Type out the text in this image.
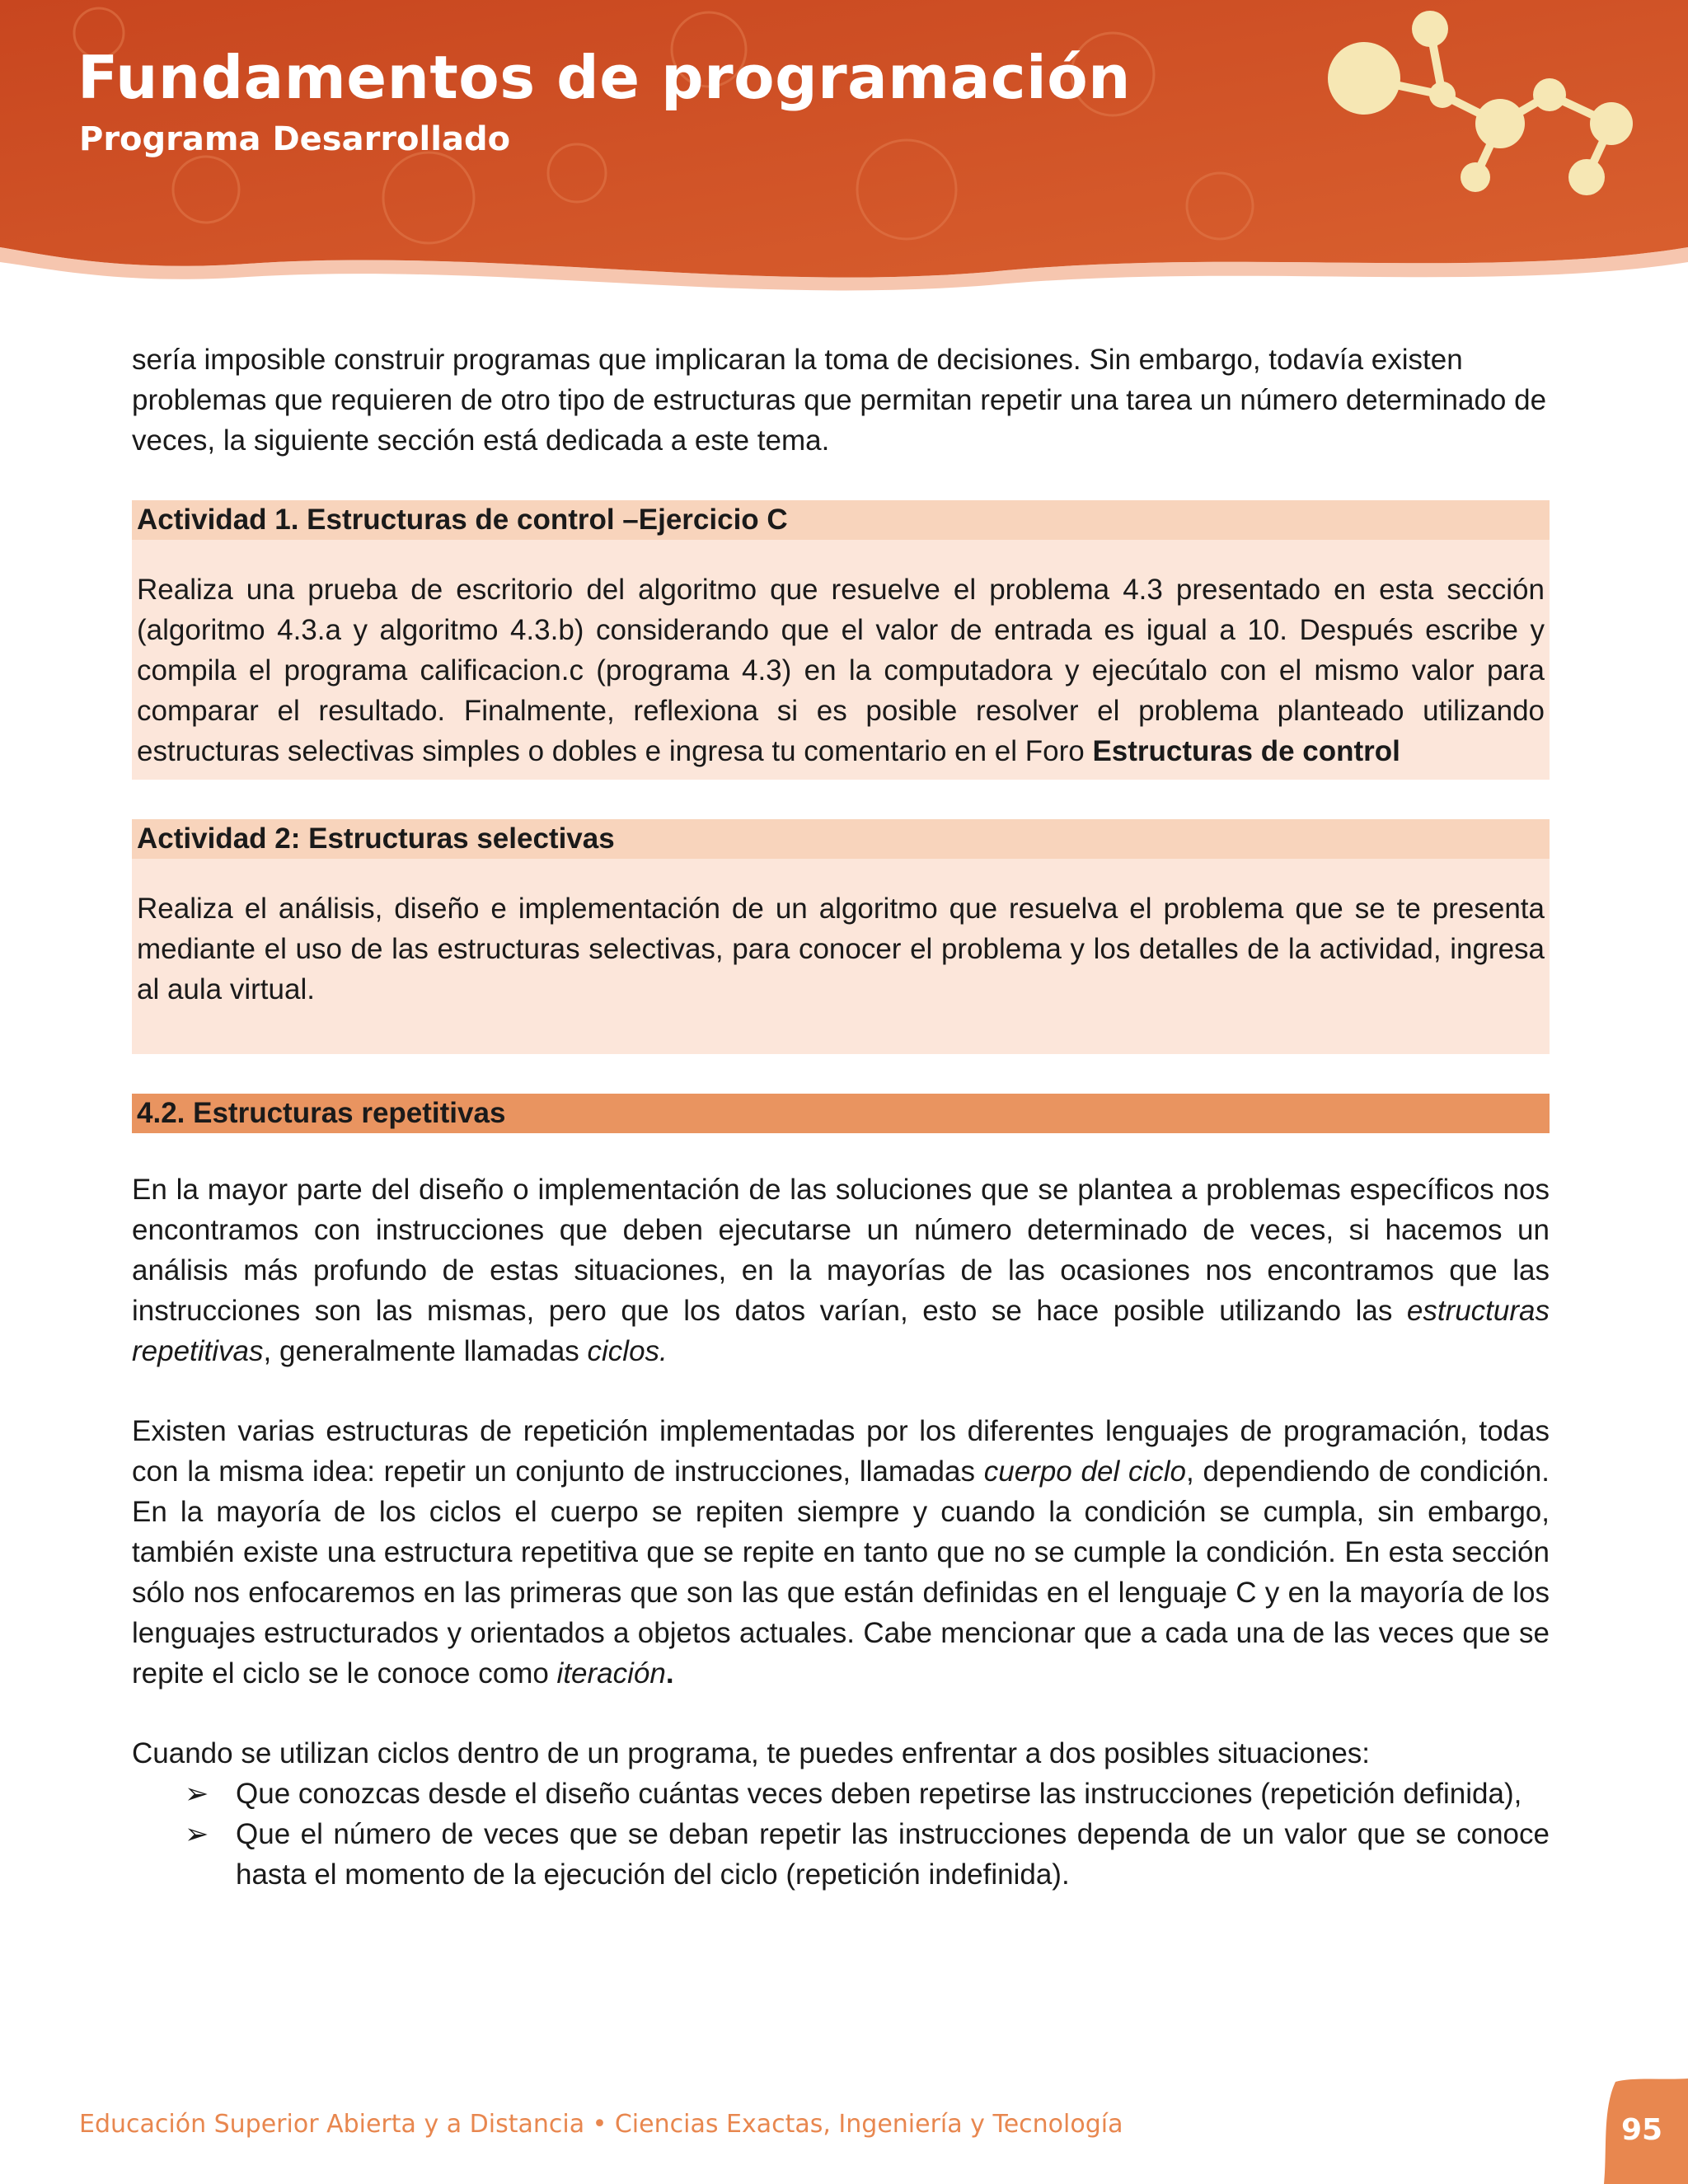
Fundamentos de programación
Programa Desarrollado

sería imposible construir programas que implicaran la toma de decisiones. Sin embargo, todavía existen problemas que requieren de otro tipo de estructuras que permitan repetir una tarea un número determinado de veces, la siguiente sección está dedicada a este tema.

Actividad 1. Estructuras de control –Ejercicio C
Realiza una prueba de escritorio del algoritmo que resuelve el problema 4.3 presentado en esta sección (algoritmo 4.3.a y algoritmo 4.3.b) considerando que el valor de entrada es igual a 10. Después escribe y compila el programa calificacion.c (programa 4.3) en la computadora y ejecútalo con el mismo valor para comparar el resultado. Finalmente, reflexiona si es posible resolver el problema planteado utilizando estructuras selectivas simples o dobles e ingresa tu comentario en el Foro Estructuras de control
Actividad 2: Estructuras selectivas
Realiza el análisis, diseño e implementación de un algoritmo que resuelva el problema que se te presenta mediante el uso de las estructuras selectivas, para conocer el problema y los detalles de la actividad, ingresa al aula virtual.
4.2. Estructuras repetitivas

En la mayor parte del diseño o implementación de las soluciones que se plantea a problemas específicos nos encontramos con instrucciones que deben ejecutarse un número determinado de veces, si hacemos un análisis más profundo de estas situaciones, en la mayorías de las ocasiones nos encontramos que las instrucciones son las mismas, pero que los datos varían, esto se hace posible utilizando las estructuras repetitivas, generalmente llamadas ciclos.

Existen varias estructuras de repetición implementadas por los diferentes lenguajes de programación, todas con la misma idea: repetir un conjunto de instrucciones, llamadas cuerpo del ciclo, dependiendo de condición. En la mayoría de los ciclos el cuerpo se repiten siempre y cuando la condición se cumpla, sin embargo, también existe una estructura repetitiva que se repite en tanto que no se cumple la condición. En esta sección sólo nos enfocaremos en las primeras que son las que están definidas en el lenguaje C y en la mayoría de los lenguajes estructurados y orientados a objetos actuales. Cabe mencionar que a cada una de las veces que se repite el ciclo se le conoce como iteración.

Cuando se utilizan ciclos dentro de un programa, te puedes enfrentar a dos posibles situaciones:

➢ Que conozcas desde el diseño cuántas veces deben repetirse las instrucciones (repetición definida),
➢ Que el número de veces que se deban repetir las instrucciones dependa de un valor que se conoce hasta el momento de la ejecución del ciclo (repetición indefinida).
Educación Superior Abierta y a Distancia • Ciencias Exactas, Ingeniería y Tecnología	95
